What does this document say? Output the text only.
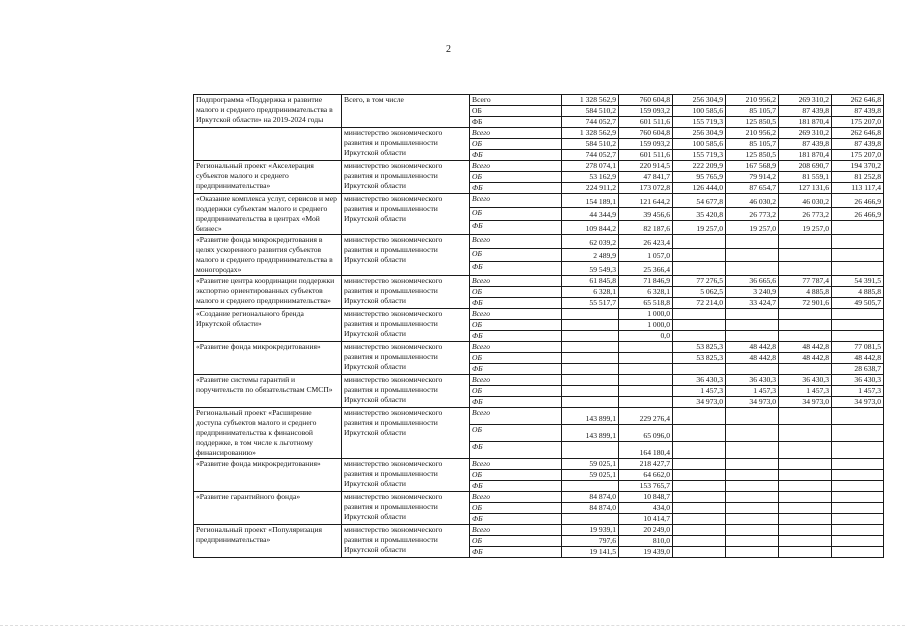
2
Подпрограмма «Поддержка и развитие малого и среднего предпринимательства в Иркутской области» на 2019-2024 годы	Всего, в том числе	Всего	1 328 562,9	760 604,8	256 304,9	210 956,2	269 310,2	262 646,8
		ОБ	584 510,2	159 093,2	100 585,6	85 105,7	87 439,8	87 439,8
		ФБ	744 052,7	601 511,6	155 719,3	125 850,5	181 870,4	175 207,0
	министерство экономического развития и промышленности Иркутской области	Всего	1 328 562,9	760 604,8	256 304,9	210 956,2	269 310,2	262 646,8
		ОБ	584 510,2	159 093,2	100 585,6	85 105,7	87 439,8	87 439,8
		ФБ	744 052,7	601 511,6	155 719,3	125 850,5	181 870,4	175 207,0
Региональный проект «Акселерация субъектов малого и среднего предпринимательства»	министерство экономического развития и промышленности Иркутской области	Всего	278 074,1	220 914,5	222 209,9	167 568,9	208 690,7	194 370,2
		ОБ	53 162,9	47 841,7	95 765,9	79 914,2	81 559,1	81 252,8
		ФБ	224 911,2	173 072,8	126 444,0	87 654,7	127 131,6	113 117,4
«Оказание комплекса услуг, сервисов и мер поддержки субъектам малого и среднего предпринимательства в центрах «Мой бизнес»	министерство экономического развития и промышленности Иркутской области	Всего	154 189,1	121 644,2	54 677,8	46 030,2	46 030,2	26 466,9
		ОБ	44 344,9	39 456,6	35 420,8	26 773,2	26 773,2	26 466,9
		ФБ	109 844,2	82 187,6	19 257,0	19 257,0	19 257,0	
«Развитие фонда микрокредитования в целях ускоренного развития субъектов малого и среднего предпринимательства в моногородах»	министерство экономического развития и промышленности Иркутской области	Всего	62 039,2	26 423,4				
		ОБ	2 489,9	1 057,0				
		ФБ	59 549,3	25 366,4				
«Развитие центра координации поддержки экспортно ориентированных субъектов малого и среднего предпринимательства»	министерство экономического развития и промышленности Иркутской области	Всего	61 845,8	71 846,9	77 276,5	36 665,6	77 787,4	54 391,5
		ОБ	6 328,1	6 328,1	5 062,5	3 240,9	4 885,8	4 885,8
		ФБ	55 517,7	65 518,8	72 214,0	33 424,7	72 901,6	49 505,7
«Создание регионального бренда Иркутской области»	министерство экономического развития и промышленности Иркутской области	Всего		1 000,0				
		ОБ		1 000,0				
		ФБ		0,0				
«Развитие фонда микрокредитования»	министерство экономического развития и промышленности Иркутской области	Всего			53 825,3	48 442,8	48 442,8	77 081,5
		ОБ			53 825,3	48 442,8	48 442,8	48 442,8
		ФБ						28 638,7
«Развитие системы гарантий и поручительств по обязательствам СМСП»	министерство экономического развития и промышленности Иркутской области	Всего			36 430,3	36 430,3	36 430,3	36 430,3
		ОБ			1 457,3	1 457,3	1 457,3	1 457,3
		ФБ			34 973,0	34 973,0	34 973,0	34 973,0
Региональный проект «Расширение доступа субъектов малого и среднего предпринимательства к финансовой поддержке, в том числе к льготному финансированию»	министерство экономического развития и промышленности Иркутской области	Всего	143 899,1	229 276,4				
		ОБ	143 899,1	65 096,0				
		ФБ		164 180,4				
«Развитие фонда микрокредитования»	министерство экономического развития и промышленности Иркутской области	Всего	59 025,1	218 427,7				
		ОБ	59 025,1	64 662,0				
		ФБ		153 765,7				
«Развитие гарантийного фонда»	министерство экономического развития и промышленности Иркутской области	Всего	84 874,0	10 848,7				
		ОБ	84 874,0	434,0				
		ФБ		10 414,7				
Региональный проект «Популяризация предпринимательства»	министерство экономического развития и промышленности Иркутской области	Всего	19 939,1	20 249,0				
		ОБ	797,6	810,0				
		ФБ	19 141,5	19 439,0				
